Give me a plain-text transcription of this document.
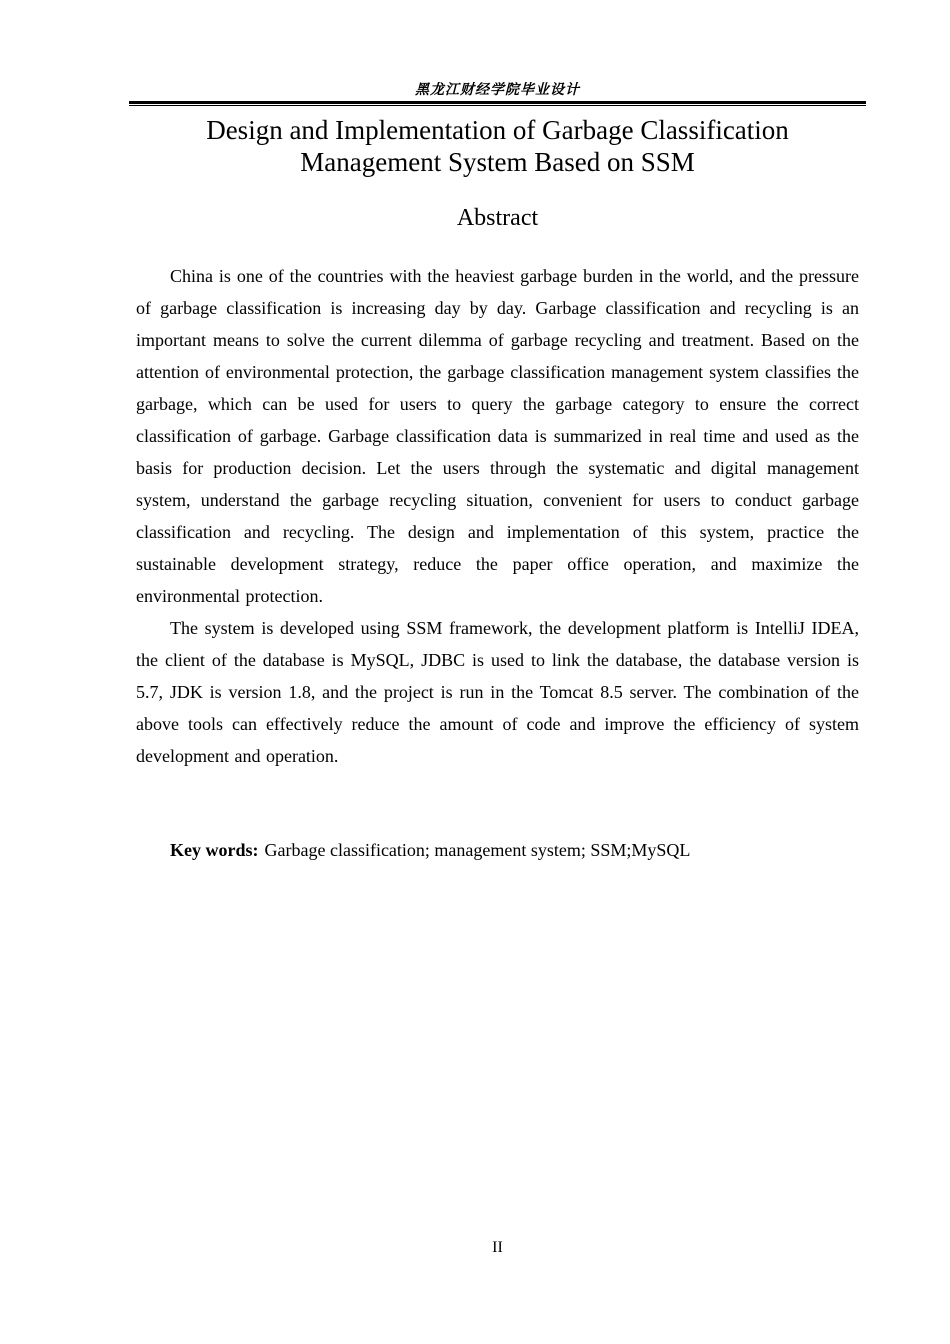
黑龙江财经学院毕业设计
Design and Implementation of Garbage Classification
Management System Based on SSM
Abstract

China is one of the countries with the heaviest garbage burden in the world, and the pressure of garbage classification is increasing day by day. Garbage classification and recycling is an important means to solve the current dilemma of garbage recycling and treatment. Based on the attention of environmental protection, the garbage classification management system classifies the garbage, which can be used for users to query the garbage category to ensure the correct classification of garbage. Garbage classification data is summarized in real time and used as the basis for production decision. Let the users through the systematic and digital management system, understand the garbage recycling situation, convenient for users to conduct garbage classification and recycling. The design and implementation of this system, practice the sustainable development strategy, reduce the paper office operation, and maximize the environmental protection.

The system is developed using SSM framework, the development platform is IntelliJ IDEA, the client of the database is MySQL, JDBC is used to link the database, the database version is 5.7, JDK is version 1.8, and the project is run in the Tomcat 8.5 server. The combination of the above tools can effectively reduce the amount of code and improve the efficiency of system development and operation.

Key words: Garbage classification; management system; SSM;MySQL
II
